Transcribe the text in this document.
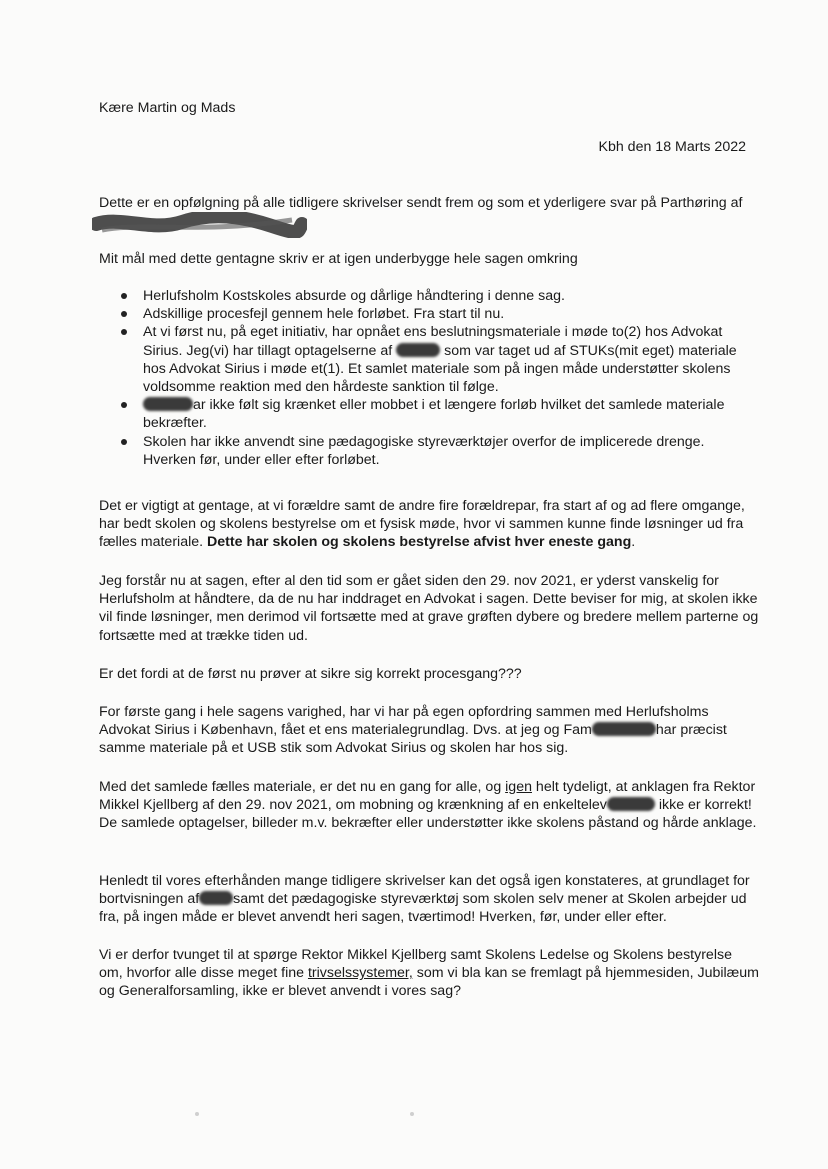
Kære Martin og Mads
Kbh den 18 Marts 2022
Dette er en opfølgning på alle tidligere skrivelser sendt frem og som et yderligere svar på Parthøring af
Mit mål med dette gentagne skriv er at igen underbygge hele sagen omkring
Herlufsholm Kostskoles absurde og dårlige håndtering i denne sag.
Adskillige procesfejl gennem hele forløbet. Fra start til nu.
At vi først nu, på eget initiativ, har opnået ens beslutningsmateriale i møde to(2) hos Advokat Sirius. Jeg(vi) har tillagt optagelserne af	som var taget ud af STUKs(mit eget) materiale hos Advokat Sirius i møde et(1). Et samlet materiale som på ingen måde understøtter skolens voldsomme reaktion med den hårdeste sanktion til følge.
ar ikke følt sig krænket eller mobbet i et længere forløb hvilket det samlede materiale bekræfter.
Skolen har ikke anvendt sine pædagogiske styreværktøjer overfor de implicerede drenge. Hverken før, under eller efter forløbet.
Det er vigtigt at gentage, at vi forældre samt de andre fire forældrepar, fra start af og ad flere omgange, har bedt skolen og skolens bestyrelse om et fysisk møde, hvor vi sammen kunne finde løsninger ud fra fælles materiale. Dette har skolen og skolens bestyrelse afvist hver eneste gang.
Jeg forstår nu at sagen, efter al den tid som er gået siden den 29. nov 2021, er yderst vanskelig for Herlufsholm at håndtere, da de nu har inddraget en Advokat i sagen. Dette beviser for mig, at skolen ikke vil finde løsninger, men derimod vil fortsætte med at grave grøften dybere og bredere mellem parterne og fortsætte med at trække tiden ud.
Er det fordi at de først nu prøver at sikre sig korrekt procesgang???
For første gang i hele sagens varighed, har vi har på egen opfordring sammen med Herlufsholms Advokat Sirius i København, fået et ens materialegrundlag. Dvs. at jeg og Fam	har præcist samme materiale på et USB stik som Advokat Sirius og skolen har hos sig.
Med det samlede fælles materiale, er det nu en gang for alle, og igen helt tydeligt, at anklagen fra Rektor Mikkel Kjellberg af den 29. nov 2021, om mobning og krænkning af en enkeltelev	ikke er korrekt! De samlede optagelser, billeder m.v. bekræfter eller understøtter ikke skolens påstand og hårde anklage.
Henledt til vores efterhånden mange tidligere skrivelser kan det også igen konstateres, at grundlaget for bortvisningen af samt det pædagogiske styreværktøj som skolen selv mener at Skolen arbejder ud fra, på ingen måde er blevet anvendt heri sagen, tværtimod! Hverken, før, under eller efter.
Vi er derfor tvunget til at spørge Rektor Mikkel Kjellberg samt Skolens Ledelse og Skolens bestyrelse om, hvorfor alle disse meget fine trivselssystemer, som vi bla kan se fremlagt på hjemmesiden, Jubilæum og Generalforsamling, ikke er blevet anvendt i vores sag?
